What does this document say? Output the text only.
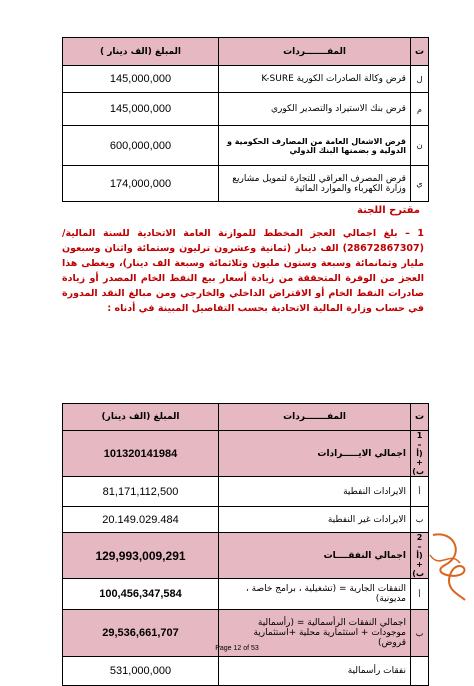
ت	المفـــــــردات	المبلغ (الف دينار )
ل	قرض وكالة الصادرات الكورية K-SURE	145,000,000
م	قرض بنك الاستيراد والتصدير الكوري	145,000,000
ن	قرض الاشغال العامة من المصارف الحكومية و الدولية و بضمنها البنك الدولي	600,000,000
ي	قرض المصرف العراقي للتجارة لتمويل مشاريع وزارة الكهرباء والموارد المائية	174,000,000
مقترح اللجنة
1 – بلغ اجمالي العجز المخطط للموازنة العامة الاتحادية للسنة المالية/ (28672867307) الف دينار (ثمانية وعشرون ترليون وستمائة واثنان وسبعون مليار وثمانمائة وسبعة وستون مليون وثلاثمائة وسبعة الف دينار)، ويغطى هذا العجز من الوفرة المتحققة من زيادة أسعار بيع النفط الخام المصدر أو زيادة صادرات النفط الخام أو الاقتراض الداخلي والخارجي ومن مبالغ النقد المدورة في حساب وزارة المالية الاتحادية بحسب التفاصيل المبينة في أدناه :
ت	المفـــــــردات	المبلغ (الف دينار)
1 –(أ + ب)	اجمالي الايـــــرادات	101320141984
أ	الايرادات النفطية	81,171,112,500
ب	الايرادات غير النفطية	20.149.029.484
2 –(أ + ب)	اجمالي النفقــــات	129,993,009,291
أ	النفقات الجارية = (تشغيلية ، برامج خاصة ، مديونية)	100,456,347,584
ب	اجمالي النفقات الرأسمالية = (رأسمالية موجودات + استثمارية محلية +استثمارية قروض)	29,536,661,707
	نفقات رأسمالية	531,000,000
Page 12 of 53
